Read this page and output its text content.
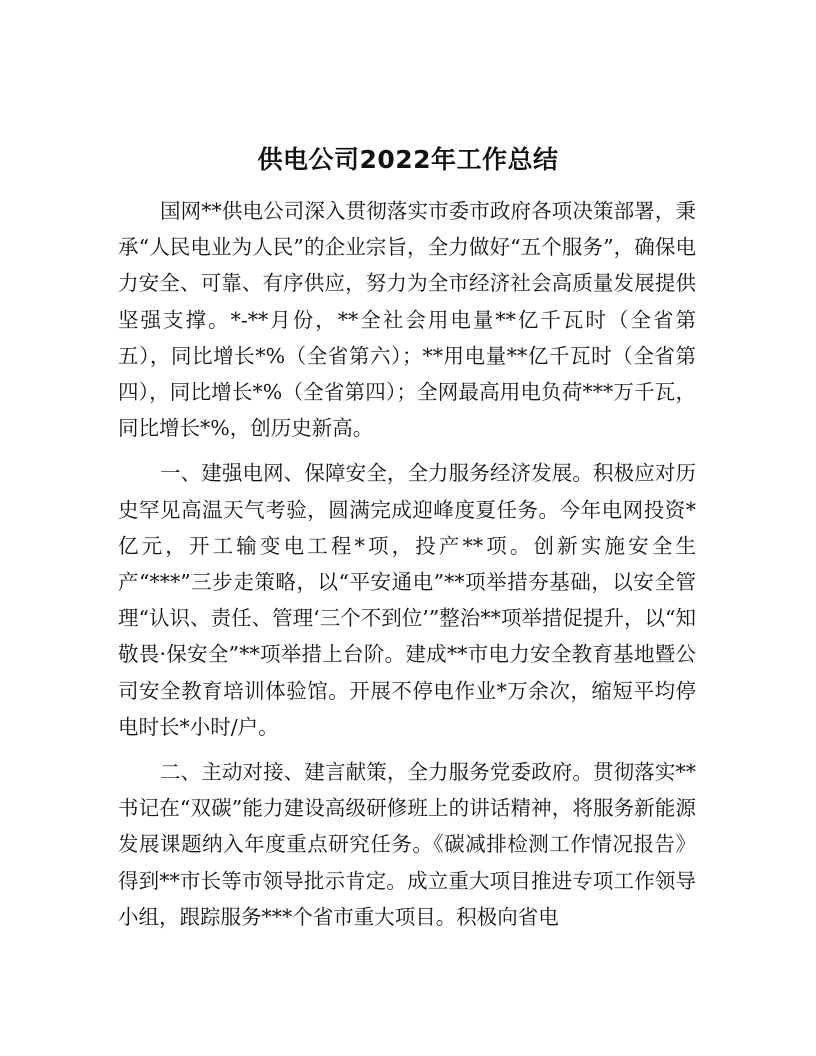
供电公司2022年工作总结

国网**供电公司深入贯彻落实市委市政府各项决策部署，秉承“人民电业为人民”的企业宗旨，全力做好“五个服务”，确保电力安全、可靠、有序供应，努力为全市经济社会高质量发展提供坚强支撑。*-**月份，**全社会用电量**亿千瓦时（全省第五），同比增长*%（全省第六）；**用电量**亿千瓦时（全省第四），同比增长*%（全省第四）；全网最高用电负荷***万千瓦，同比增长*%，创历史新高。

一、建强电网、保障安全，全力服务经济发展。积极应对历史罕见高温天气考验，圆满完成迎峰度夏任务。今年电网投资*亿元，开工输变电工程*项，投产**项。创新实施安全生产“***”三步走策略，以“平安通电”**项举措夯基础，以安全管理“认识、责任、管理‘三个不到位’”整治**项举措促提升，以“知敬畏·保安全”**项举措上台阶。建成**市电力安全教育基地暨公司安全教育培训体验馆。开展不停电作业*万余次，缩短平均停电时长*小时/户。

二、主动对接、建言献策，全力服务党委政府。贯彻落实**书记在“双碳”能力建设高级研修班上的讲话精神，将服务新能源发展课题纳入年度重点研究任务。《碳减排检测工作情况报告》得到**市长等市领导批示肯定。成立重大项目推进专项工作领导小组，跟踪服务***个省市重大项目。积极向省电
